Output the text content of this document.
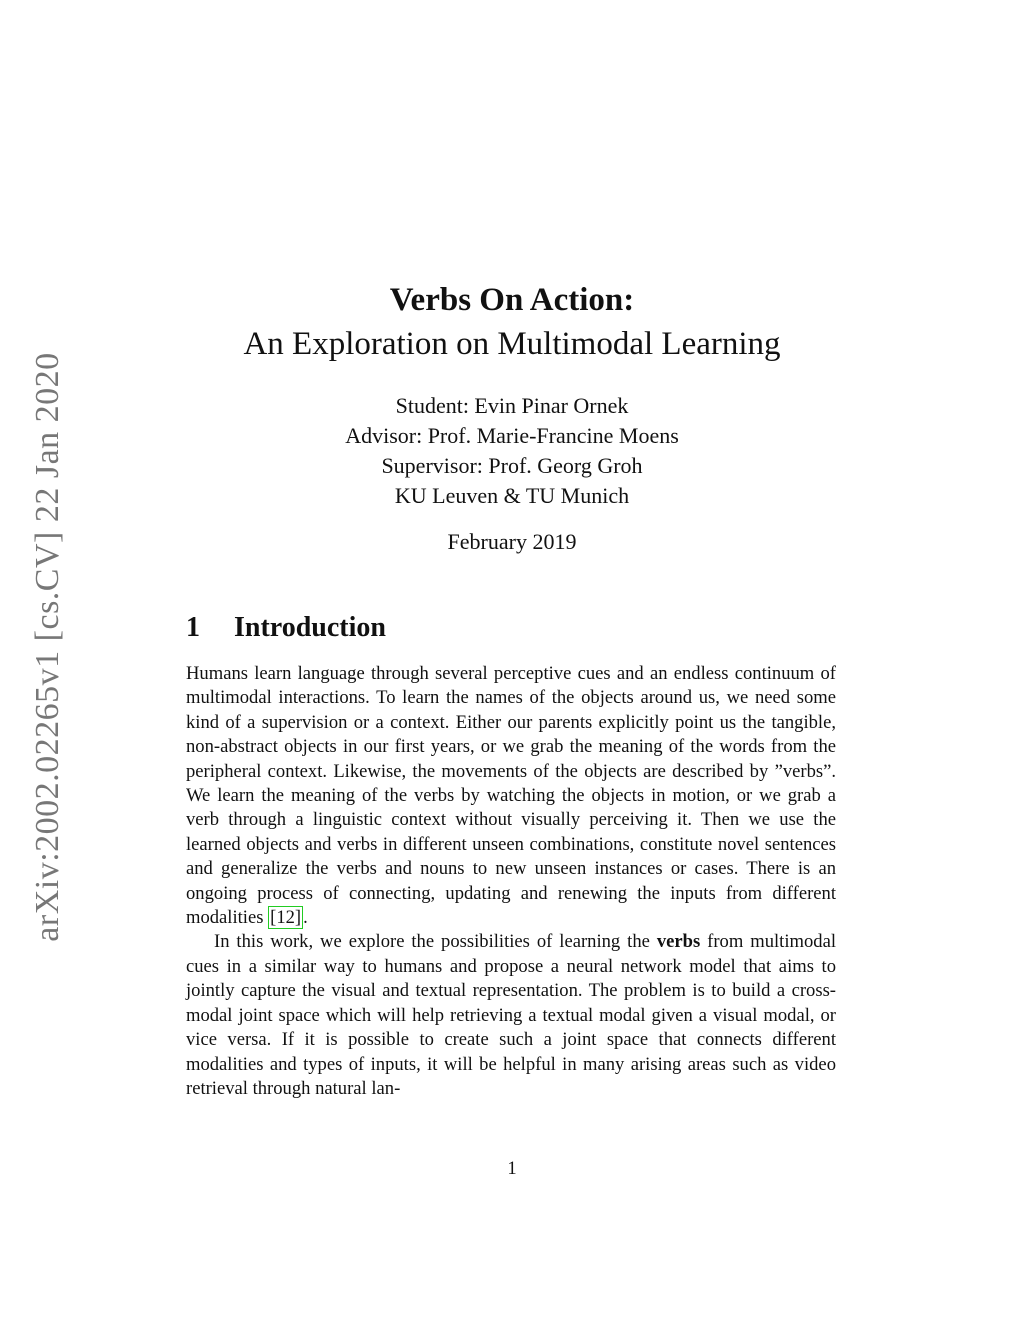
arXiv:2002.02265v1 [cs.CV] 22 Jan 2020
Verbs On Action:
An Exploration on Multimodal Learning
Student: Evin Pinar Ornek
Advisor: Prof. Marie-Francine Moens
Supervisor: Prof. Georg Groh
KU Leuven & TU Munich
February 2019
1 Introduction

Humans learn language through several perceptive cues and an endless continuum of multimodal interactions. To learn the names of the objects around us, we need some kind of a supervision or a context. Either our parents explicitly point us the tangible, non-abstract objects in our first years, or we grab the meaning of the words from the peripheral context. Likewise, the movements of the objects are described by ”verbs”. We learn the meaning of the verbs by watching the objects in motion, or we grab a verb through a linguistic context without visually perceiving it. Then we use the learned objects and verbs in different unseen combinations, constitute novel sentences and generalize the verbs and nouns to new unseen instances or cases. There is an ongoing process of connecting, updating and renewing the inputs from different modalities [12] .

In this work, we explore the possibilities of learning the verbs from multimodal cues in a similar way to humans and propose a neural network model that aims to jointly capture the visual and textual representation. The problem is to build a cross-modal joint space which will help retrieving a textual modal given a visual modal, or vice versa. If it is possible to create such a joint space that connects different modalities and types of inputs, it will be helpful in many arising areas such as video retrieval through natural lan-

1
